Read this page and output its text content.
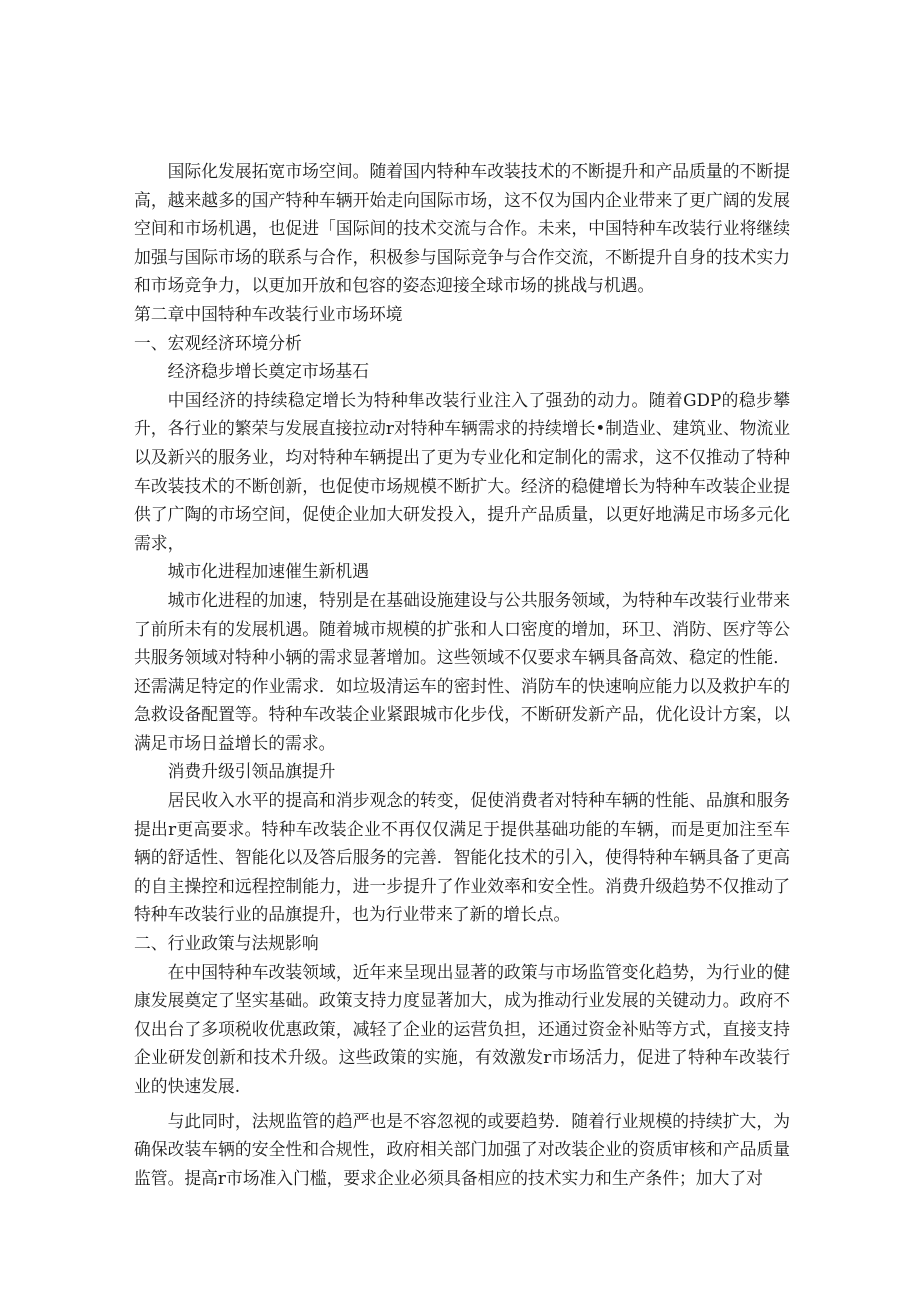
国际化发展拓宽市场空间。随着国内特种车改装技术的不断提升和产品质量的不断提高，越来越多的国产特种车辆开始走向国际市场，这不仅为国内企业带来了更广阔的发展空间和市场机遇，也促进「国际间的技术交流与合作。未来，中国特种车改装行业将继续加强与国际市场的联系与合作，积极参与国际竞争与合作交流，不断提升自身的技术实力和市场竞争力，以更加开放和包容的姿态迎接全球市场的挑战与机遇。

第二章中国特种车改装行业市场环境

一、宏观经济环境分析

经济稳步增长奠定市场基石

中国经济的持续稳定增长为特种隼改装行业注入了强劲的动力。随着GDP的稳步攀升，各行业的繁荣与发展直接拉动r对特种车辆需求的持续增长•制造业、建筑业、物流业以及新兴的服务业，均对特种车辆提出了更为专业化和定制化的需求，这不仅推动了特种车改装技术的不断创新，也促使市场规模不断扩大。经济的稳健增长为特种车改装企业提供了广陶的市场空间，促使企业加大研发投入，提升产品质量，以更好地满足市场多元化需求，

城市化进程加速催生新机遇

城市化进程的加速，特别是在基础设施建设与公共服务领域，为特种车改装行业带来了前所未有的发展机遇。随着城市规模的扩张和人口密度的增加，环卫、消防、医疗等公共服务领域对特种小辆的需求显著增加。这些领域不仅要求车辆具备高效、稳定的性能．还需满足特定的作业需求．如垃圾清运车的密封性、消防车的快速响应能力以及救护车的急救设备配置等。特种车改装企业紧跟城市化步伐，不断研发新产品，优化设计方案，以满足市场日益增长的需求。

消费升级引领品旗提升

居民收入水平的提高和消步观念的转变，促使消费者对特种车辆的性能、品旗和服务提出r更高要求。特种车改装企业不再仅仅满足于提供基础功能的车辆，而是更加注至车辆的舒适性、智能化以及答后服务的完善．智能化技术的引入，使得特种车辆具备了更高的自主操控和远程控制能力，进一步提升了作业效率和安全性。消费升级趋势不仅推动了特种车改装行业的品旗提升，也为行业带来了新的增长点。

二、行业政策与法规影响

在中国特种车改装领域，近年来呈现出显著的政策与市场监管变化趋势，为行业的健康发展奠定了坚实基础。政策支持力度显著加大，成为推动行业发展的关键动力。政府不仅出台了多项税收优惠政策，减轻了企业的运营负担，还通过资金补贴等方式，直接支持企业研发创新和技术升级。这些政策的实施，有效激发r市场活力，促进了特种车改装行业的快速发展.

与此同时，法规监管的趋严也是不容忽视的或要趋势．随着行业规模的持续扩大，为确保改装车辆的安全性和合规性，政府相关部门加强了对改装企业的资质审核和产品质量监管。提高r市场准入门槛，要求企业必须具备相应的技术实力和生产条件；加大了对
